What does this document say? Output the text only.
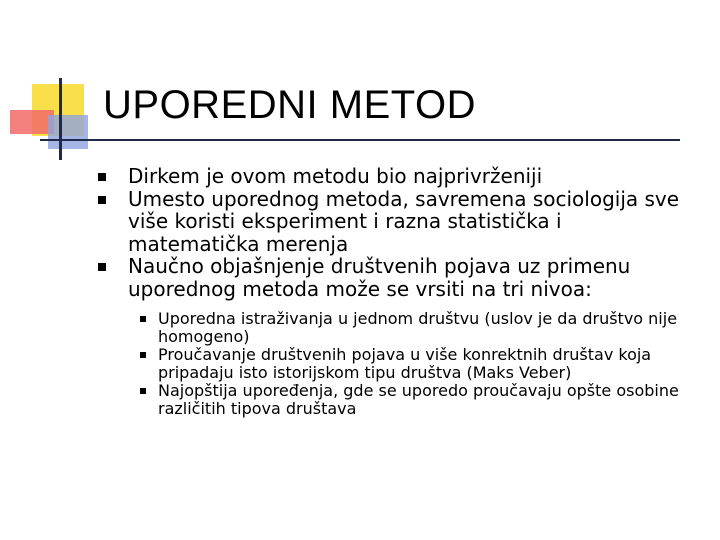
UPOREDNI METOD
Dirkem je ovom metodu bio najprivrženiji
Umesto uporednog metoda, savremena sociologija sve više koristi eksperiment i razna statistička i matematička merenja
Naučno objašnjenje društvenih pojava uz primenu uporednog metoda može se vrsiti na tri nivoa:
Uporedna istraživanja u jednom društvu (uslov je da društvo nije homogeno)
Proučavanje društvenih pojava u više konrektnih društav koja pripadaju isto istorijskom tipu društva (Maks Veber)
Najopštija upoređenja, gde se uporedo proučavaju opšte osobine različitih tipova društava
